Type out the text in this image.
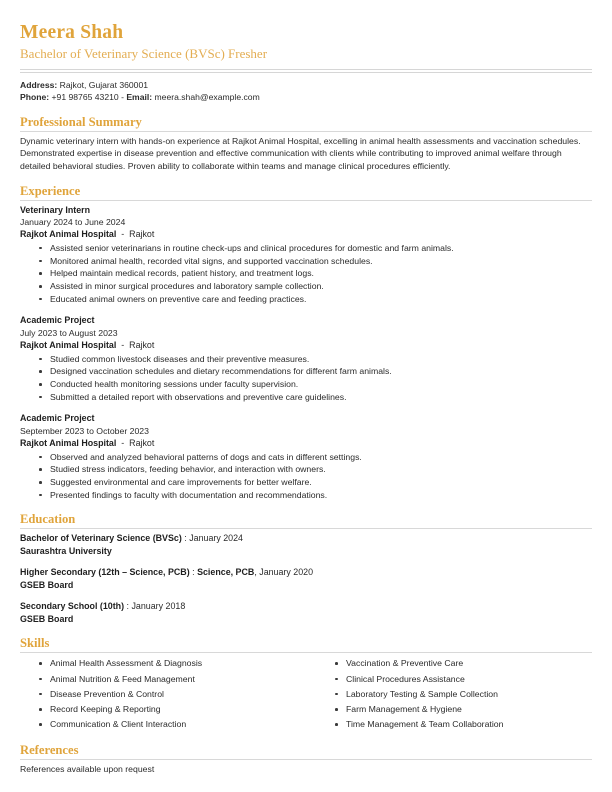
Meera Shah
Bachelor of Veterinary Science (BVSc) Fresher
Address: Rajkot, Gujarat 360001
Phone: +91 98765 43210 - Email: meera.shah@example.com
Professional Summary
Dynamic veterinary intern with hands-on experience at Rajkot Animal Hospital, excelling in animal health assessments and vaccination schedules. Demonstrated expertise in disease prevention and effective communication with clients while contributing to improved animal welfare through detailed behavioral studies. Proven ability to collaborate within teams and manage clinical procedures efficiently.
Experience
Veterinary Intern
January 2024 to June 2024
Rajkot Animal Hospital - Rajkot
Assisted senior veterinarians in routine check-ups and clinical procedures for domestic and farm animals.
Monitored animal health, recorded vital signs, and supported vaccination schedules.
Helped maintain medical records, patient history, and treatment logs.
Assisted in minor surgical procedures and laboratory sample collection.
Educated animal owners on preventive care and feeding practices.
Academic Project
July 2023 to August 2023
Rajkot Animal Hospital - Rajkot
Studied common livestock diseases and their preventive measures.
Designed vaccination schedules and dietary recommendations for different farm animals.
Conducted health monitoring sessions under faculty supervision.
Submitted a detailed report with observations and preventive care guidelines.
Academic Project
September 2023 to October 2023
Rajkot Animal Hospital - Rajkot
Observed and analyzed behavioral patterns of dogs and cats in different settings.
Studied stress indicators, feeding behavior, and interaction with owners.
Suggested environmental and care improvements for better welfare.
Presented findings to faculty with documentation and recommendations.
Education
Bachelor of Veterinary Science (BVSc) : January 2024
Saurashtra University
Higher Secondary (12th – Science, PCB) : Science, PCB, January 2020
GSEB Board
Secondary School (10th) : January 2018
GSEB Board
Skills
Animal Health Assessment & Diagnosis
Animal Nutrition & Feed Management
Disease Prevention & Control
Record Keeping & Reporting
Communication & Client Interaction
Vaccination & Preventive Care
Clinical Procedures Assistance
Laboratory Testing & Sample Collection
Farm Management & Hygiene
Time Management & Team Collaboration
References
References available upon request
